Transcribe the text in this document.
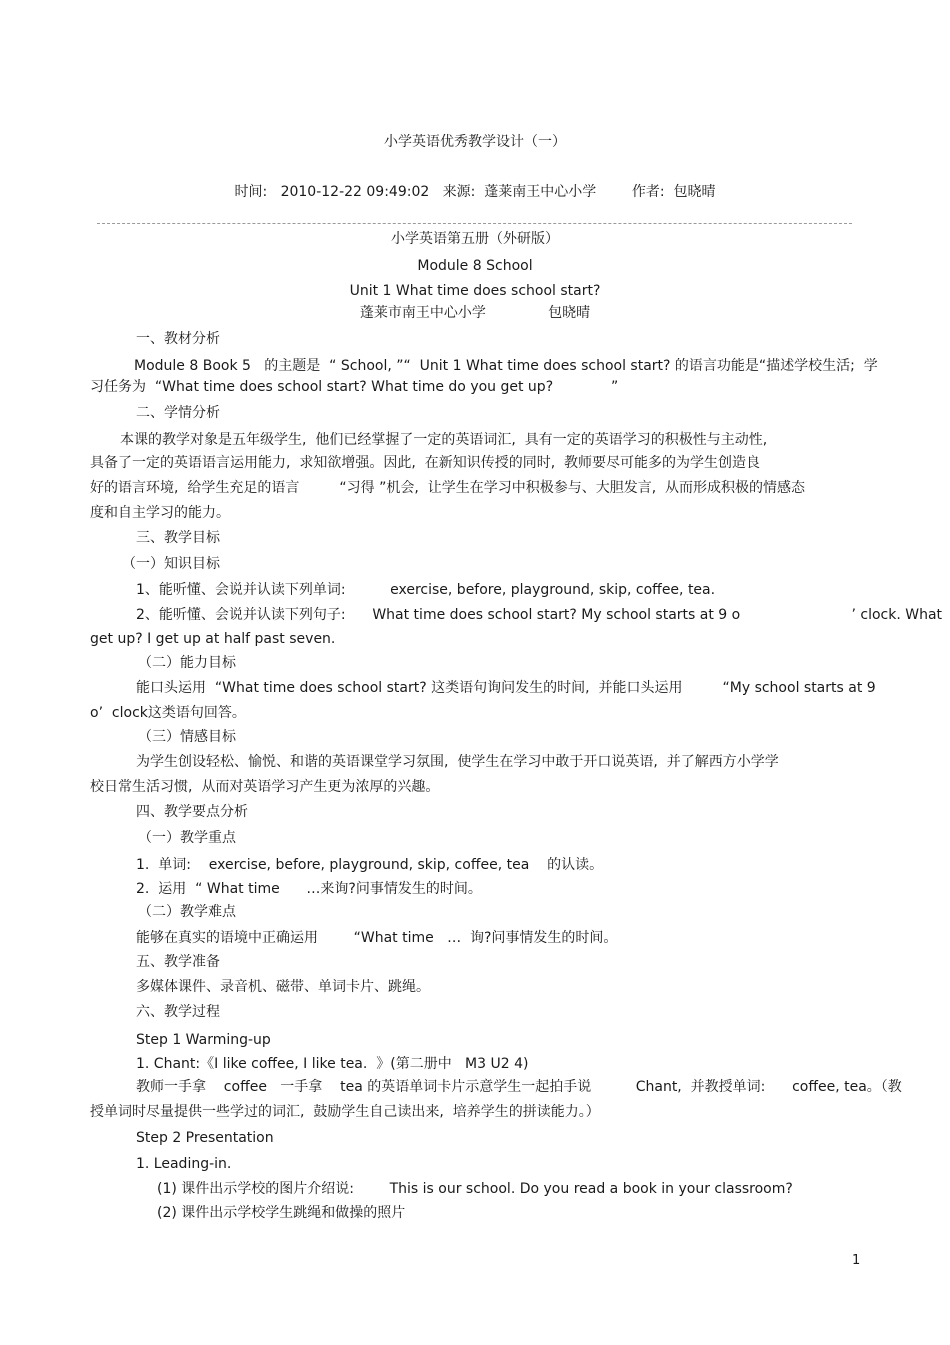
小学英语优秀教学设计（一）
时间:   2010-12-22 09:49:02   来源:  蓬莱南王中心小学        作者:  包晓晴
小学英语第五册（外研版）
Module 8 School
Unit 1 What time does school start?
蓬莱市南王中心小学              包晓晴
一、教材分析
Module 8 Book 5   的主题是  “ School, ”“  Unit 1 What time does school start? 的语言功能是“描述学校生活;  学
习任务为  “What time does school start? What time do you get up?             ”
二、学情分析
本课的教学对象是五年级学生,  他们已经掌握了一定的英语词汇,  具有一定的英语学习的积极性与主动性,
具备了一定的英语语言运用能力,  求知欲增强。因此,  在新知识传授的同时,  教师要尽可能多的为学生创造良
好的语言环境,  给学生充足的语言         “习得 ”机会,  让学生在学习中积极参与、大胆发言,  从而形成积极的情感态
度和自主学习的能力。
三、教学目标
（一）知识目标
1、能听懂、会说并认读下列单词:          exercise, before, playground, skip, coffee, tea.
2、能听懂、会说并认读下列句子:      What time does school start? My school starts at 9 o                         ’ clock. What
get up? I get up at half past seven.
（二）能力目标
能口头运用  “What time does school start? 这类语句询问发生的时间,  并能口头运用         “My school starts at 9
o’  clock这类语句回答。
（三）情感目标
为学生创设轻松、愉悦、和谐的英语课堂学习氛围,  使学生在学习中敢于开口说英语,  并了解西方小学学
校日常生活习惯,  从而对英语学习产生更为浓厚的兴趣。
四、教学要点分析
（一）教学重点
1.  单词:    exercise, before, playground, skip, coffee, tea    的认读。
2.  运用  “ What time      …来询?问事情发生的时间。
（二）教学难点
能够在真实的语境中正确运用        “What time   …  询?问事情发生的时间。
五、教学准备
多媒体课件、录音机、磁带、单词卡片、跳绳。
六、教学过程
Step 1 Warming-up
1. Chant:《I like coffee, I like tea.  》(第二册中   M3 U2 4)
教师一手拿    coffee   一手拿    tea 的英语单词卡片示意学生一起拍手说          Chant,  并教授单词:      coffee, tea。（教
授单词时尽量提供一些学过的词汇,  鼓励学生自己读出来,  培养学生的拼读能力。）
Step 2 Presentation
1. Leading-in.
(1) 课件出示学校的图片介绍说:        This is our school. Do you read a book in your classroom?
(2) 课件出示学校学生跳绳和做操的照片
1
